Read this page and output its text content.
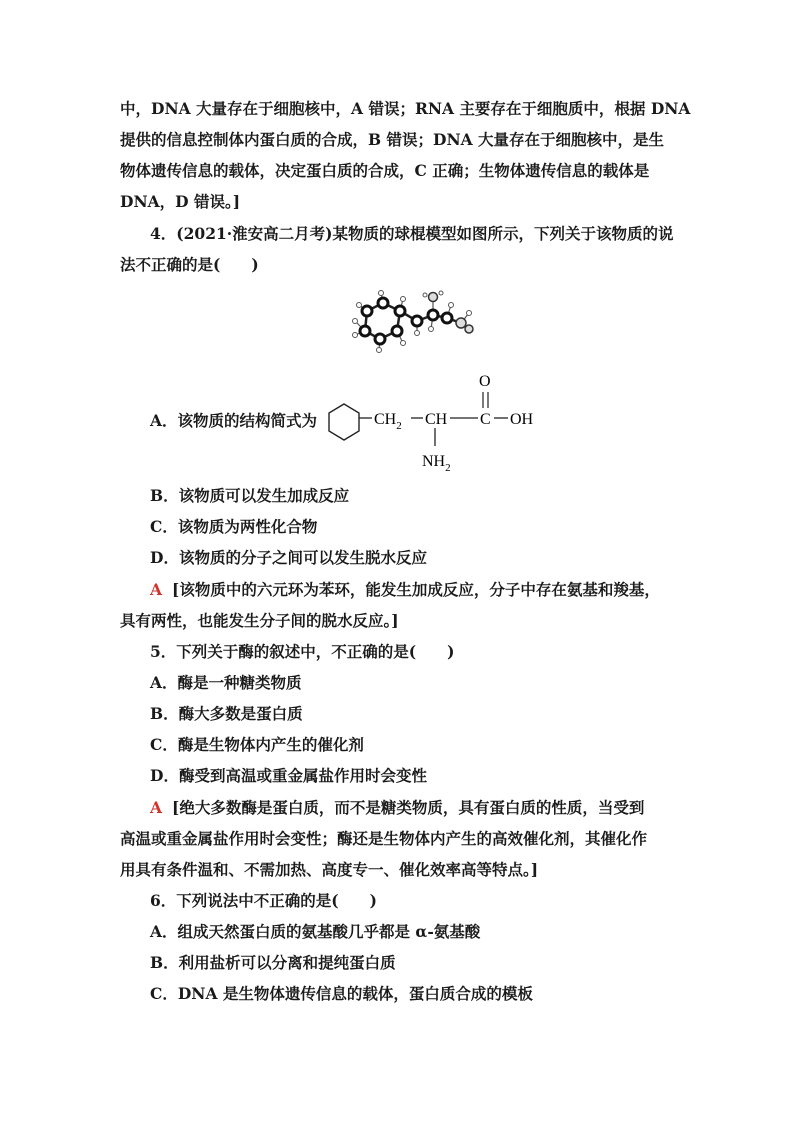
中，DNA 大量存在于细胞核中，A 错误；RNA 主要存在于细胞质中，根据 DNA
提供的信息控制体内蛋白质的合成，B 错误；DNA 大量存在于细胞核中，是生
物体遗传信息的载体，决定蛋白质的合成，C 正确；生物体遗传信息的载体是
DNA，D 错误。]
4．(2021·淮安高二月考)某物质的球棍模型如图所示，下列关于该物质的说
法不正确的是(　　)
A．该物质的结构简式为	$CH_2$ CH
$NH_2$
C
O
OH
B．该物质可以发生加成反应
C．该物质为两性化合物
D．该物质的分子之间可以发生脱水反应
A [该物质中的六元环为苯环，能发生加成反应，分子中存在氨基和羧基，
具有两性，也能发生分子间的脱水反应。]
5．下列关于酶的叙述中，不正确的是(　　)
A．酶是一种糖类物质
B．酶大多数是蛋白质
C．酶是生物体内产生的催化剂
D．酶受到高温或重金属盐作用时会变性
A [绝大多数酶是蛋白质，而不是糖类物质，具有蛋白质的性质，当受到
高温或重金属盐作用时会变性；酶还是生物体内产生的高效催化剂，其催化作
用具有条件温和、不需加热、高度专一、催化效率高等特点。]
6．下列说法中不正确的是(　　)
A．组成天然蛋白质的氨基酸几乎都是 α-氨基酸
B．利用盐析可以分离和提纯蛋白质
C．DNA 是生物体遗传信息的载体，蛋白质合成的模板
